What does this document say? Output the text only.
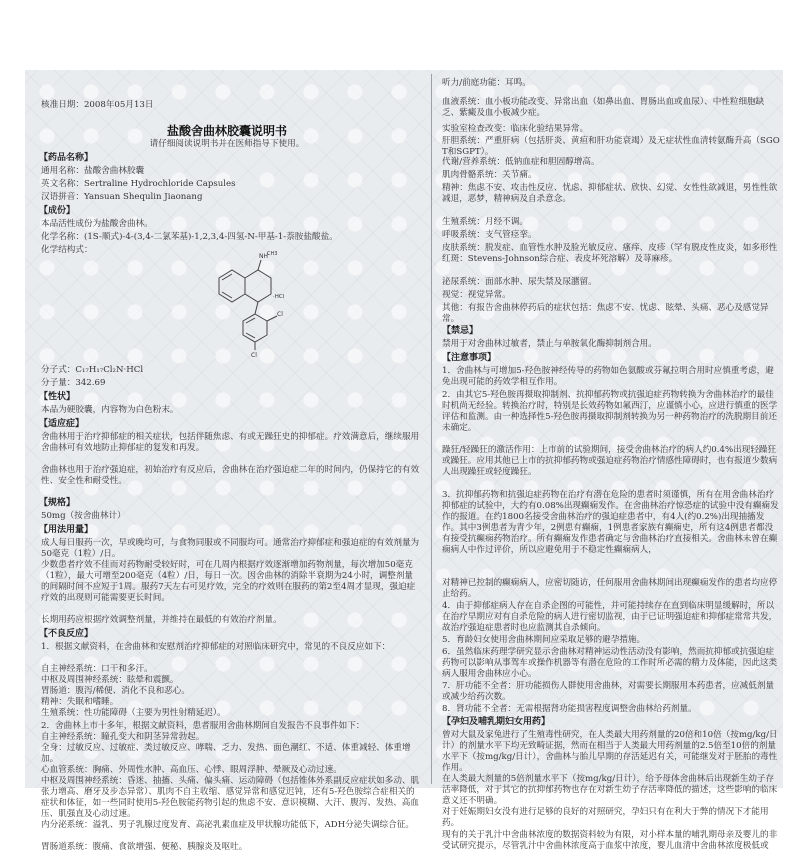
核准日期：2008年05月13日
盐酸舍曲林胶囊说明书
请仔细阅读说明书并在医师指导下使用。
【药品名称】
通用名称：盐酸舍曲林胶囊
英文名称：Sertraline Hydrochloride Capsules
汉语拼音：Yansuan Shequlin Jiaonang
【成份】
本品活性成份为盐酸舍曲林。
化学名称：(1S-顺式)-4-(3,4-二氯苯基)-1,2,3,4-四氢-N-甲基-1-萘胺盐酸盐。
化学结构式：
NH CH3
·HCl
Cl
Cl
分子式：C₁₇H₁₇Cl₂N·HCl
分子量：342.69
【性状】
本品为硬胶囊，内容物为白色粉末。
【适应症】
舍曲林用于治疗抑郁症的相关症状，包括伴随焦虑、有或无躁狂史的抑郁症。疗效满意后，继续服用舍曲林可有效地防止抑郁症的复发和再发。
舍曲林也用于治疗强迫症，初始治疗有反应后，舍曲林在治疗强迫症二年的时间内，仍保持它的有效性、安全性和耐受性。
【规格】
50mg（按舍曲林计）
【用法用量】
成人每日服药一次，早或晚均可，与食物同服或不同服均可。通常治疗抑郁症和强迫症的有效剂量为50毫克（1粒）/日。
少数患者疗效不佳而对药物耐受较好时，可在几周内根据疗效逐渐增加药物剂量，每次增加50毫克（1粒），最大可增至200毫克（4粒）/日，每日一次。因舍曲林的消除半衰期为24小时，调整剂量的间隔时间不应短于1周。服药7天左右可见疗效，完全的疗效则在服药的第2至4周才显现，强迫症疗效的出现则可能需要更长时间。
长期用药应根据疗效调整剂量，并维持在最低的有效治疗剂量。
【不良反应】
1．根据文献资料，在舍曲林和安慰剂治疗抑郁症的对照临床研究中，常见的不良反应如下：
自主神经系统：口干和多汗。
中枢及周围神经系统：眩晕和震颤。
胃肠道：腹泻/稀便、消化不良和恶心。
精神：失眠和嗜睡。
生殖系统：性功能障碍（主要为男性射精延迟）。
2．舍曲林上市十多年，根据文献资料，患者服用舍曲林期间自发报告不良事件如下：
自主神经系统：瞳孔变大和阴茎异常勃起。
全身：过敏反应、过敏症、类过敏反应、哮喘、乏力、发热、面色潮红、不适、体重减轻、体重增加。
心血管系统：胸痛、外周性水肿、高血压、心悸、眼周浮肿、晕厥及心动过速。
中枢及周围神经系统：昏迷、抽搐、头痛、偏头痛、运动障碍（包括锥体外系副反应症状如多动、肌张力增高、磨牙及步态异常）、肌肉不自主收缩、感觉异常和感觉迟钝，还有5-羟色胺综合症相关的症状和体征，如一些同时使用5-羟色胺能药物引起的焦虑不安、意识模糊、大汗、腹泻、发热、高血压、肌强直及心动过速。
内分泌系统：溢乳、男子乳腺过度发育、高泌乳素血症及甲状腺功能低下，ADH分泌失调综合征。
胃肠道系统：腹痛、食欲增强、便秘、胰腺炎及呕吐。
听力/前庭功能：耳鸣。
血液系统：血小板功能改变、异常出血（如鼻出血、胃肠出血或血尿）、中性粒细胞缺乏、紫癜及血小板减少症。
实验室检查改变：临床化验结果异常。
肝胆系统：严重肝病（包括肝炎、黄疸和肝功能衰竭）及无症状性血清转氨酶升高（SGOT和SGPT）。
代谢/营养系统：低钠血症和胆固醇增高。
肌肉骨骼系统：关节痛。
精神：焦虑不安、攻击性反应、忧虑、抑郁症状、欣快、幻觉、女性性欲减退，男性性欲减退，恶梦，精神病及自杀意念。
生殖系统：月经不调。
呼吸系统：支气管痉挛。
皮肤系统：脱发症、血管性水肿及脸光敏反应、瘙痒、皮疹（罕有脱皮性皮炎，如多形性红斑：Stevens-Johnson综合症、表皮坏死溶解）及荨麻疹。
泌尿系统：面部水肿、尿失禁及尿潴留。
视觉：视觉异常。
其他：有报告舍曲林停药后的症状包括：焦虑不安、忧虑、眩晕、头痛、恶心及感觉异常。
【禁忌】
禁用于对舍曲林过敏者，禁止与单胺氧化酶抑制剂合用。
【注意事项】
1．舍曲林与可增加5-羟色胺神经传导的药物如色氨酸或芬氟拉明合用时应慎重考虑，避免出现可能的药效学相互作用。
2．由其它5-羟色胺再摄取抑制剂、抗抑郁药物或抗强迫症药物转换为舍曲林治疗的最佳时机尚无经验。转换治疗时，特别是长效药物如氟西汀，应谨慎小心，应进行慎重的医学评估和监测。由一种选择性5-羟色胺再摄取抑制剂转换为另一种药物治疗的洗脱期目前还未确定。
躁狂/轻躁狂的激活作用：上市前的试验期间，接受舍曲林治疗的病人约0.4%出现轻躁狂或躁狂。应用其他已上市的抗抑郁药物或强迫症药物治疗情感性障碍时，也有报道少数病人出现躁狂或轻度躁狂。
3．抗抑郁药物和抗强迫症药物在治疗有潜在危险的患者时须谨慎，所有在用舍曲林治疗抑郁症的试验中，大约有0.08%出现癫痫发作。在舍曲林治疗惊恐症的试验中没有癫痫发作的报道。在约1800名接受舍曲林治疗的强迫症患者中，有4人(约0.2%)出现抽搐发作。其中3例患者为青少年，2例患有癫痫，1例患者家族有癫痫史，所有这4例患者都没有接受抗癫痫药物治疗。所有癫痫发作患者确定与舍曲林治疗直接相关。舍曲林未曾在癫痫病人中作过评价，所以应避免用于不稳定性癫痫病人，
对精神已控制的癫痫病人，应密切随访，任何服用舍曲林期间出现癫痫发作的患者均应停止给药。
4．由于抑郁症病人存在自杀企图的可能性，并可能持续存在直到临床明显缓解时，所以在治疗早期应对有自杀危险的病人进行密切监视，由于已证明强迫症和抑郁症常常共发，故治疗强迫症患者时也应监测其自杀倾向。
5．育龄妇女使用舍曲林期间应采取足够的避孕措施。
6．虽然临床药理学研究显示舍曲林对精神运动性活动没有影响，然而抗抑郁或抗强迫症药物可以影响从事驾车或操作机器等有潜在危险的工作时所必需的精力及体能，因此这类病人服用舍曲林应小心。
7．肝功能不全者：肝功能损伤人群使用舍曲林，对需要长期服用本药患者，应减低剂量或减少给药次数。
8．肾功能不全者：无需根据肾功能损害程度调整舍曲林给药剂量。
【孕妇及哺乳期妇女用药】
曾对大鼠及家兔进行了生殖毒性研究，在人类最大用药剂量的20倍和10倍（按mg/kg/日计）的剂量水平下均无致畸证据，然而在相当于人类最大用药剂量的2.5倍至10倍的剂量水平下（按mg/kg/日计），舍曲林与胎儿早期的存活延迟有关，可能继发对于胚胎的毒性作用。
在人类最大剂量的5倍剂量水平下（按mg/kg/日计），给予母体舍曲林后出现新生幼子存活率降低，对于其它的抗抑郁药物也存在对新生幼子存活率降低的描述，这些影响的临床意义还不明确。
对于妊娠期妇女没有进行足够的良好的对照研究，孕妇只有在利大于弊的情况下才能用药。
现有的关于乳汁中舍曲林浓度的数据资料较为有限，对小样本量的哺乳期母亲及婴儿的非受试研究提示，尽管乳汁中舍曲林浓度高于血浆中浓度，婴儿血清中舍曲林浓度极低或
